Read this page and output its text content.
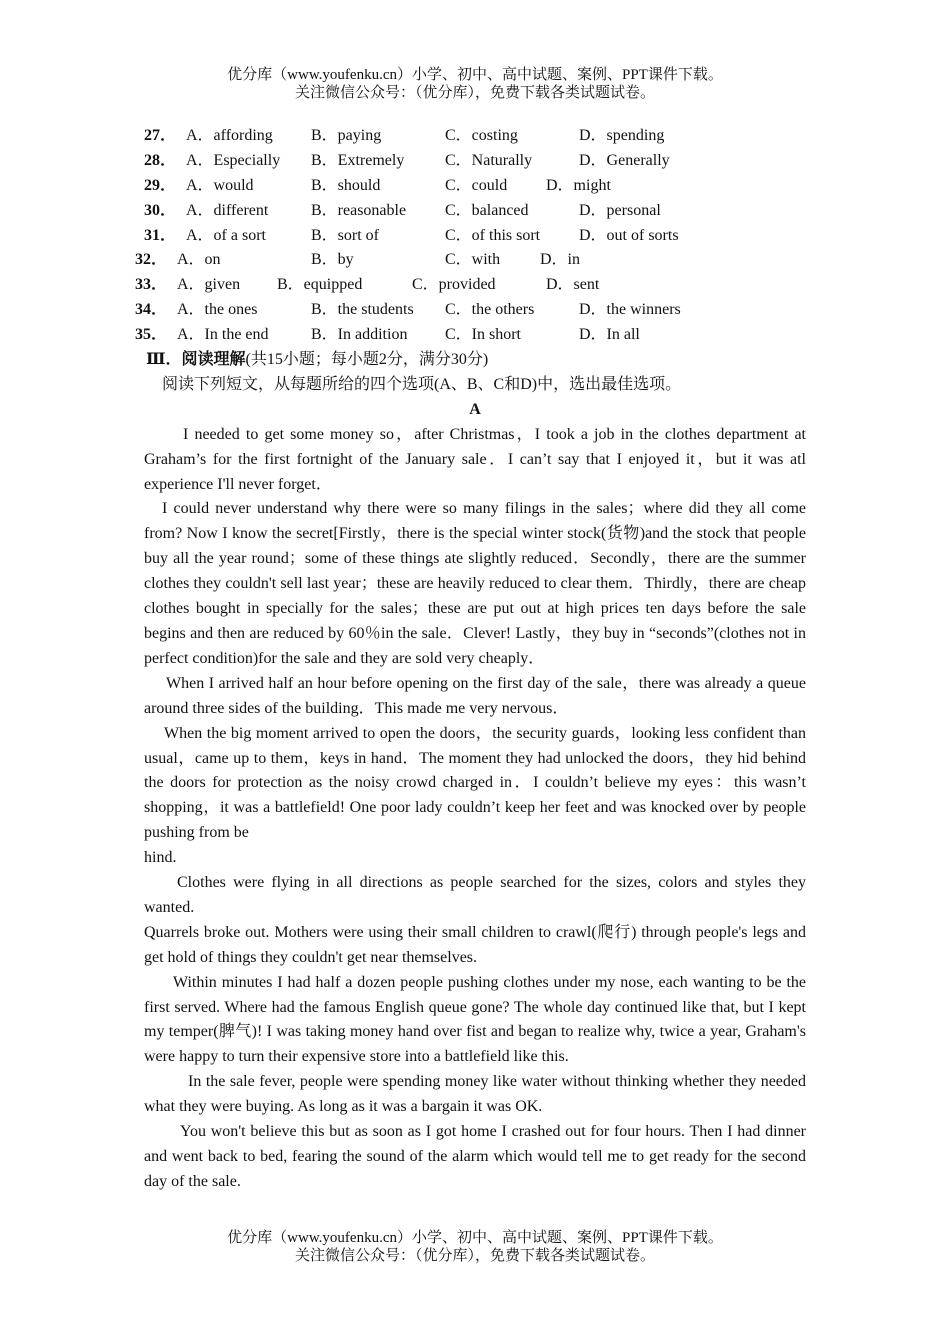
优分库（www.youfenku.cn）小学、初中、高中试题、案例、PPT课件下载。
关注微信公众号：（优分库），免费下载各类试题试卷。
27． A．affording B．paying	C．costing	D．spending
28． A．Especially B．Extremely	C．Naturally	D．Generally
29． A．would	B．should	C．could D．might
30． A．different	B．reasonable C．balanced	D．personal
31． A．of a sort	B．sort of	C．of this sort D．out of sorts
32． A．on	B．by	C．with D．in
33． A．given B．equipped	C．provided	D．sent
34． A．the ones	B．the students C．the others	D．the winners
35． A．In the end	B．In addition C．In short	D．In all
Ⅲ．阅读理解(共15小题；每小题2分，满分30分)
阅读下列短文，从每题所给的四个选项(A、B、C和D)中，选出最佳选项。
A

I needed to get some money so，after Christmas，I took a job in the clothes department at Graham’s for the first fortnight of the January sale．I can’t say that I enjoyed it，but it was atl experience I'll never forget．

I could never understand why there were so many filings in the sales；where did they all come from? Now I know the secret[Firstly，there is the special winter stock(货物)and the stock that people buy all the year round；some of these things ate slightly reduced．Secondly，there are the summer clothes they couldn't sell last year；these are heavily reduced to clear them．Thirdly，there are cheap clothes bought in specially for the sales；these are put out at high prices ten days before the sale begins and then are reduced by 60％in the sale．Clever! Lastly，they buy in “seconds”(clothes not in perfect condition)for the sale and they are sold very cheaply．

When I arrived half an hour before opening on the first day of the sale，there was already a queue around three sides of the building．This made me very nervous．

When the big moment arrived to open the doors，the security guards，looking less confident than usual，came up to them，keys in hand．The moment they had unlocked the doors，they hid behind the doors for protection as the noisy crowd charged in．I couldn’t believe my eyes：this wasn’t shopping，it was a battlefield! One poor lady couldn’t keep her feet and was knocked over by people pushing from be

hind.

Clothes were flying in all directions as people searched for the sizes, colors and styles they wanted.

Quarrels broke out. Mothers were using their small children to crawl(爬行) through people's legs and get hold of things they couldn't get near themselves.

Within minutes I had half a dozen people pushing clothes under my nose, each wanting to be the first served. Where had the famous English queue gone? The whole day continued like that, but I kept my temper(脾气)! I was taking money hand over fist and began to realize why, twice a year, Graham's were happy to turn their expensive store into a battlefield like this.

In the sale fever, people were spending money like water without thinking whether they needed what they were buying. As long as it was a bargain it was OK.

You won't believe this but as soon as I got home I crashed out for four hours. Then I had dinner and went back to bed, fearing the sound of the alarm which would tell me to get ready for the second day of the sale.

优分库（www.youfenku.cn）小学、初中、高中试题、案例、PPT课件下载。
关注微信公众号：（优分库），免费下载各类试题试卷。
